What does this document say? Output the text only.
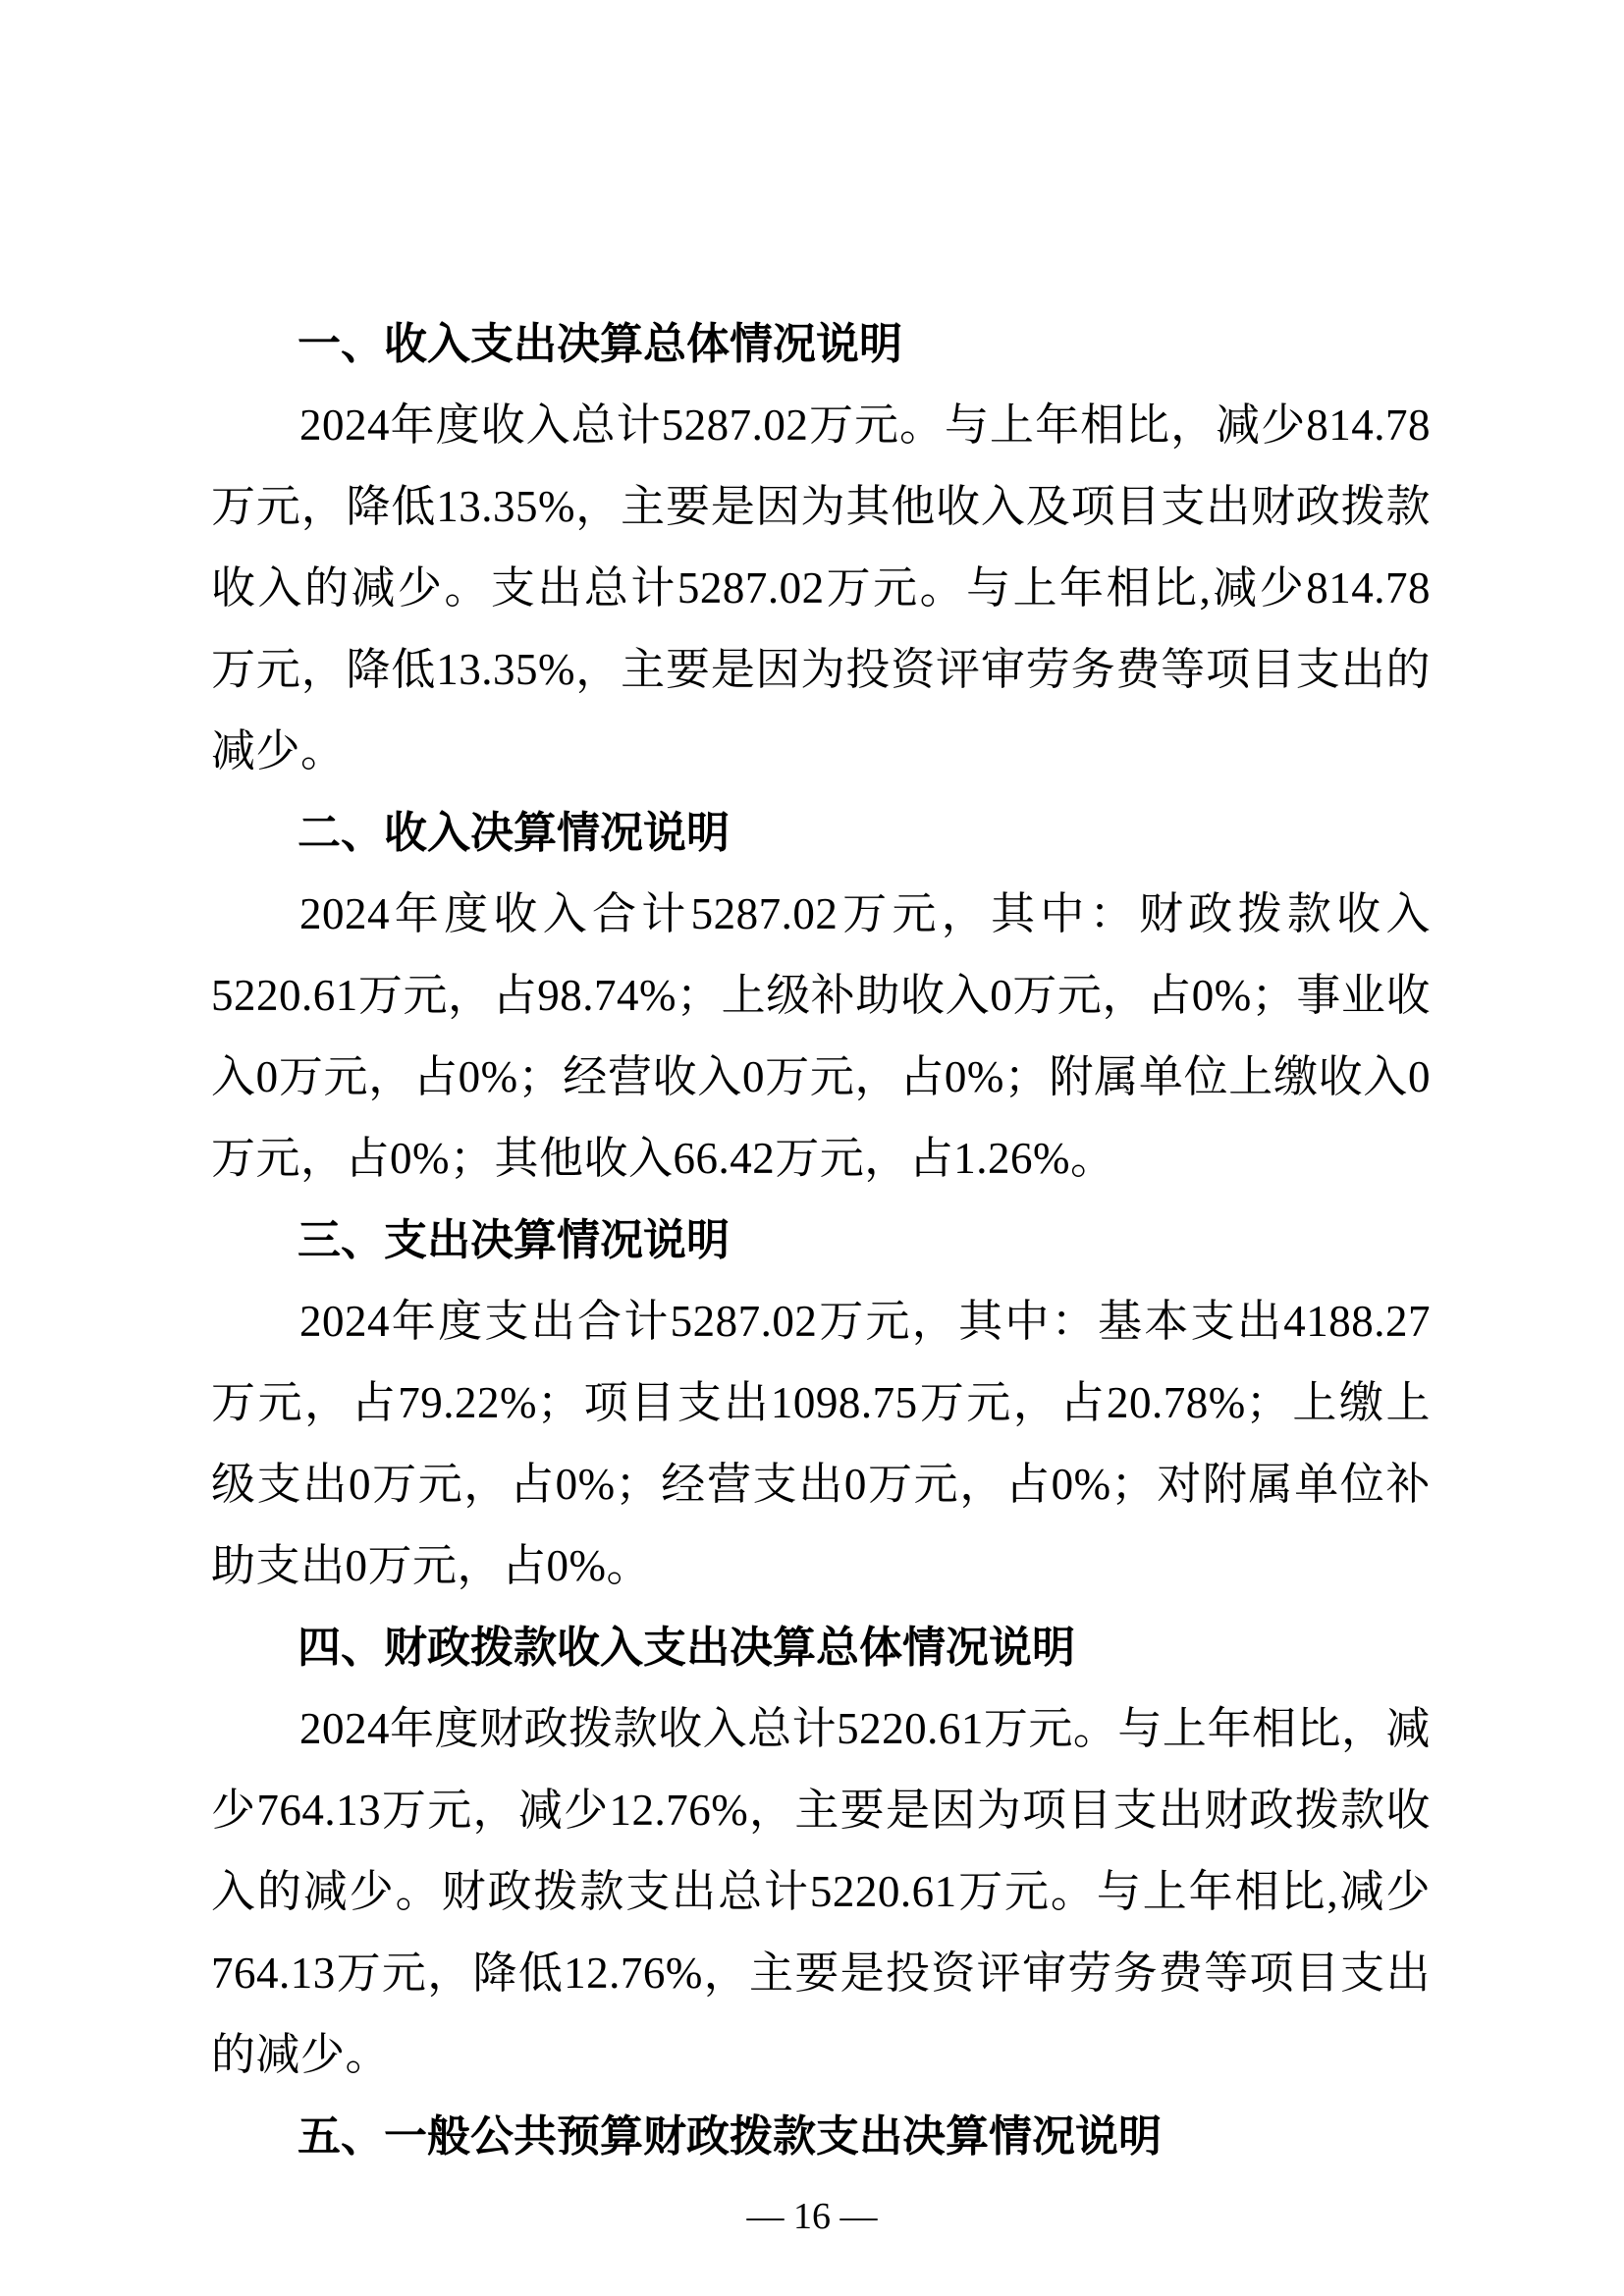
一、收入支出决算总体情况说明

2024年度收入总计5287.02万元。与上年相比，减少814.78万元，降低13.35%，主要是因为其他收入及项目支出财政拨款收入的减少。支出总计5287.02万元。与上年相比,减少814.78万元，降低13.35%，主要是因为投资评审劳务费等项目支出的减少。

二、收入决算情况说明

2024年度收入合计5287.02万元，其中：财政拨款收入5220.61万元，占98.74%；上级补助收入0万元，占0%；事业收入0万元，占0%；经营收入0万元，占0%；附属单位上缴收入0万元，占0%；其他收入66.42万元，占1.26%。

三、支出决算情况说明

2024年度支出合计5287.02万元，其中：基本支出4188.27万元，占79.22%；项目支出1098.75万元，占20.78%；上缴上级支出0万元，占0%；经营支出0万元，占0%；对附属单位补助支出0万元，占0%。

四、财政拨款收入支出决算总体情况说明

2024年度财政拨款收入总计5220.61万元。与上年相比，减少764.13万元，减少12.76%，主要是因为项目支出财政拨款收入的减少。财政拨款支出总计5220.61万元。与上年相比,减少764.13万元，降低12.76%，主要是投资评审劳务费等项目支出的减少。

五、一般公共预算财政拨款支出决算情况说明
— 16 —
